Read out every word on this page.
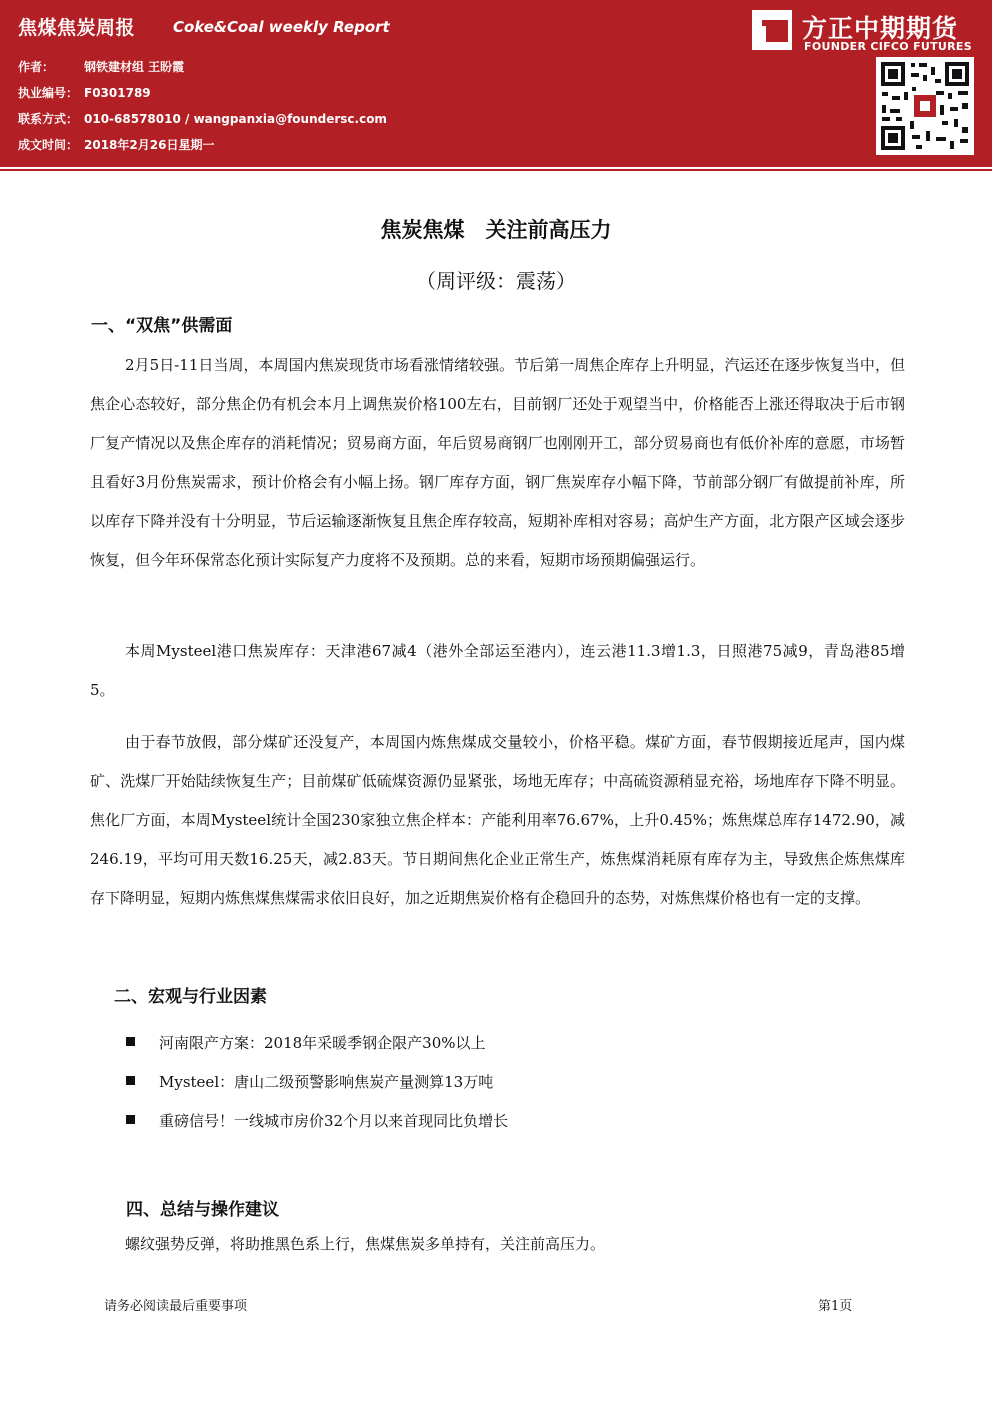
焦煤焦炭周报	Coke&Coal weekly Report
作者： 钢铁建材组 王盼霞
执业编号： F0301789
联系方式： 010-68578010 / wangpanxia@foundersc.com
成文时间： 2018年2月26日星期一
方正中期期货
FOUNDER CIFCO FUTURES
焦炭焦煤　关注前高压力
（周评级：震荡）
一、“双焦”供需面

2月5日-11日当周，本周国内焦炭现货市场看涨情绪较强。节后第一周焦企库存上升明显，汽运还在逐步恢复当中，但焦企心态较好，部分焦企仍有机会本月上调焦炭价格100左右，目前钢厂还处于观望当中，价格能否上涨还得取决于后市钢厂复产情况以及焦企库存的消耗情况；贸易商方面，年后贸易商钢厂也刚刚开工，部分贸易商也有低价补库的意愿，市场暂且看好3月份焦炭需求，预计价格会有小幅上扬。钢厂库存方面，钢厂焦炭库存小幅下降，节前部分钢厂有做提前补库，所以库存下降并没有十分明显，节后运输逐渐恢复且焦企库存较高，短期补库相对容易；高炉生产方面，北方限产区域会逐步恢复，但今年环保常态化预计实际复产力度将不及预期。总的来看，短期市场预期偏强运行。

本周Mysteel港口焦炭库存：天津港67减4（港外全部运至港内），连云港11.3增1.3，日照港75减9，青岛港85增5。

由于春节放假，部分煤矿还没复产，本周国内炼焦煤成交量较小，价格平稳。煤矿方面，春节假期接近尾声，国内煤矿、洗煤厂开始陆续恢复生产；目前煤矿低硫煤资源仍显紧张，场地无库存；中高硫资源稍显充裕，场地库存下降不明显。焦化厂方面，本周Mysteel统计全国230家独立焦企样本：产能利用率76.67%，上升0.45%；炼焦煤总库存1472.90，减246.19，平均可用天数16.25天，减2.83天。节日期间焦化企业正常生产，炼焦煤消耗原有库存为主，导致焦企炼焦煤库存下降明显，短期内炼焦煤焦煤需求依旧良好，加之近期焦炭价格有企稳回升的态势，对炼焦煤价格也有一定的支撑。

二、宏观与行业因素
河南限产方案：2018年采暖季钢企限产30%以上
Mysteel：唐山二级预警影响焦炭产量测算13万吨
重磅信号！一线城市房价32个月以来首现同比负增长
四、总结与操作建议

螺纹强势反弹，将助推黑色系上行，焦煤焦炭多单持有，关注前高压力。

请务必阅读最后重要事项	第1页
